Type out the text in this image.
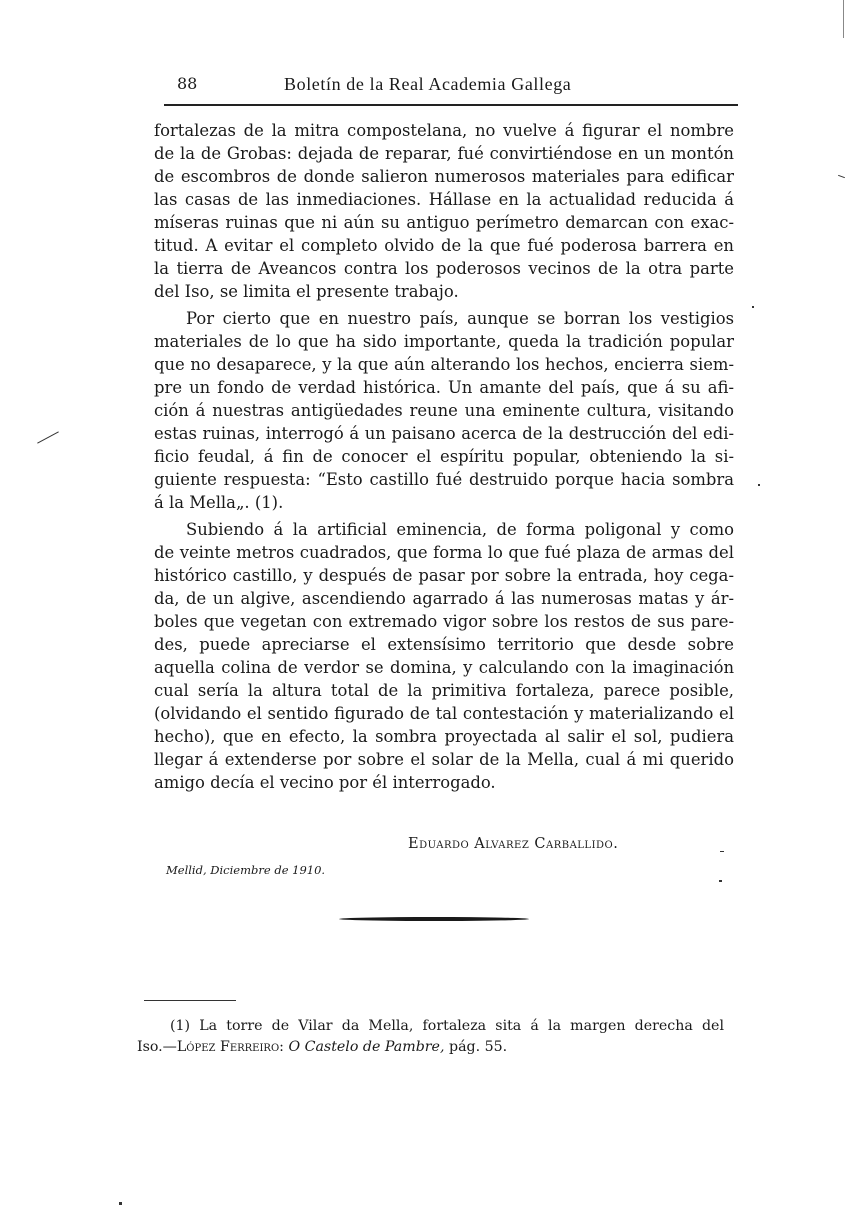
88	Boletín de la Real Academia Gallega
fortalezas de la mitra compostelana, no vuelve á figurar el nombre
de la de Grobas: dejada de reparar, fué convirtiéndose en un montón
de escombros de donde salieron numerosos materiales para edificar
las casas de las inmediaciones. Hállase en la actualidad reducida á
míseras ruinas que ni aún su antiguo perímetro demarcan con exac-
titud. A evitar el completo olvido de la que fué poderosa barrera en
la tierra de Aveancos contra los poderosos vecinos de la otra parte
del Iso, se limita el presente trabajo.
Por cierto que en nuestro país, aunque se borran los vestigios
materiales de lo que ha sido importante, queda la tradición popular
que no desaparece, y la que aún alterando los hechos, encierra siem-
pre un fondo de verdad histórica. Un amante del país, que á su afi-
ción á nuestras antigüedades reune una eminente cultura, visitando
estas ruinas, interrogó á un paisano acerca de la destrucción del edi-
ficio feudal, á fin de conocer el espíritu popular, obteniendo la si-
guiente respuesta: “Esto castillo fué destruido porque hacia sombra
á la Mella„. (1).
Subiendo á la artificial eminencia, de forma poligonal y como
de veinte metros cuadrados, que forma lo que fué plaza de armas del
histórico castillo, y después de pasar por sobre la entrada, hoy cega-
da, de un algive, ascendiendo agarrado á las numerosas matas y ár-
boles que vegetan con extremado vigor sobre los restos de sus pare-
des, puede apreciarse el extensísimo territorio que desde sobre
aquella colina de verdor se domina, y calculando con la imaginación
cual sería la altura total de la primitiva fortaleza, parece posible,
(olvidando el sentido figurado de tal contestación y materializando el
hecho), que en efecto, la sombra proyectada al salir el sol, pudiera
llegar á extenderse por sobre el solar de la Mella, cual á mi querido
amigo decía el vecino por él interrogado.
Eduardo Alvarez Carballido.
Mellid, Diciembre de 1910.
(1) La torre de Vilar da Mella, fortaleza sita á la margen derecha del
Iso.—López Ferreiro: O Castelo de Pambre, pág. 55.
